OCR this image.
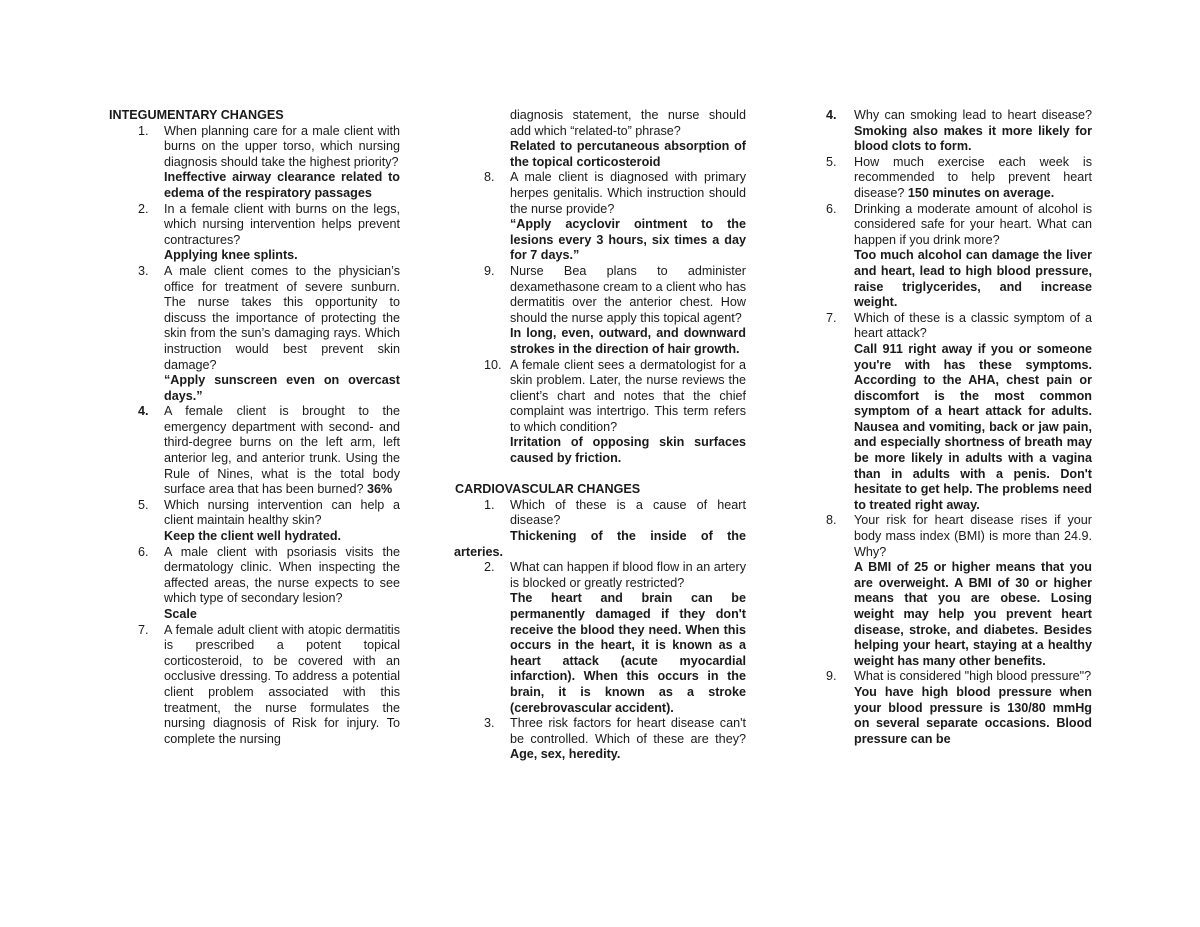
INTEGUMENTARY CHANGES
1. When planning care for a male client with burns on the upper torso, which nursing diagnosis should take the highest priority?
Ineffective airway clearance related to edema of the respiratory passages
2. In a female client with burns on the legs, which nursing intervention helps prevent contractures?
Applying knee splints.
3. A male client comes to the physician’s office for treatment of severe sunburn. The nurse takes this opportunity to discuss the importance of protecting the skin from the sun’s damaging rays. Which instruction would best prevent skin damage?
“Apply sunscreen even on overcast days.”
4. A female client is brought to the emergency department with second- and third-degree burns on the left arm, left anterior leg, and anterior trunk. Using the Rule of Nines, what is the total body surface area that has been burned? 36%
5. Which nursing intervention can help a client maintain healthy skin?
Keep the client well hydrated.
6. A male client with psoriasis visits the dermatology clinic. When inspecting the affected areas, the nurse expects to see which type of secondary lesion?
Scale
7. A female adult client with atopic dermatitis is prescribed a potent topical corticosteroid, to be covered with an occlusive dressing. To address a potential client problem associated with this treatment, the nurse formulates the nursing diagnosis of Risk for injury. To complete the nursing
diagnosis statement, the nurse should add which “related-to” phrase?
Related to percutaneous absorption of the topical corticosteroid
8. A male client is diagnosed with primary herpes genitalis. Which instruction should the nurse provide?
“Apply acyclovir ointment to the lesions every 3 hours, six times a day for 7 days.”
9. Nurse Bea plans to administer dexamethasone cream to a client who has dermatitis over the anterior chest. How should the nurse apply this topical agent?
In long, even, outward, and downward strokes in the direction of hair growth.
10. A female client sees a dermatologist for a skin problem. Later, the nurse reviews the client’s chart and notes that the chief complaint was intertrigo. This term refers to which condition?
Irritation of opposing skin surfaces caused by friction.
CARDIOVASCULAR CHANGES
1. Which of these is a cause of heart disease?
Thickening of the inside of the
arteries.
2. What can happen if blood flow in an artery is blocked or greatly restricted?
The heart and brain can be permanently damaged if they don't receive the blood they need. When this occurs in the heart, it is known as a heart attack (acute myocardial infarction). When this occurs in the brain, it is known as a stroke (cerebrovascular accident).
3. Three risk factors for heart disease can't be controlled. Which of these are they? Age, sex, heredity.
4. Why can smoking lead to heart disease? Smoking also makes it more likely for blood clots to form.
5. How much exercise each week is recommended to help prevent heart disease? 150 minutes on average.
6. Drinking a moderate amount of alcohol is considered safe for your heart. What can happen if you drink more?
Too much alcohol can damage the liver and heart, lead to high blood pressure, raise triglycerides, and increase weight.
7. Which of these is a classic symptom of a heart attack?
Call 911 right away if you or someone you're with has these symptoms. According to the AHA, chest pain or discomfort is the most common symptom of a heart attack for adults. Nausea and vomiting, back or jaw pain, and especially shortness of breath may be more likely in adults with a vagina than in adults with a penis. Don't hesitate to get help. The problems need to treated right away.
8. Your risk for heart disease rises if your body mass index (BMI) is more than 24.9. Why?
A BMI of 25 or higher means that you are overweight. A BMI of 30 or higher means that you are obese. Losing weight may help you prevent heart disease, stroke, and diabetes. Besides helping your heart, staying at a healthy weight has many other benefits.
9. What is considered "high blood pressure"?
You have high blood pressure when your blood pressure is 130/80 mmHg on several separate occasions. Blood pressure can be
